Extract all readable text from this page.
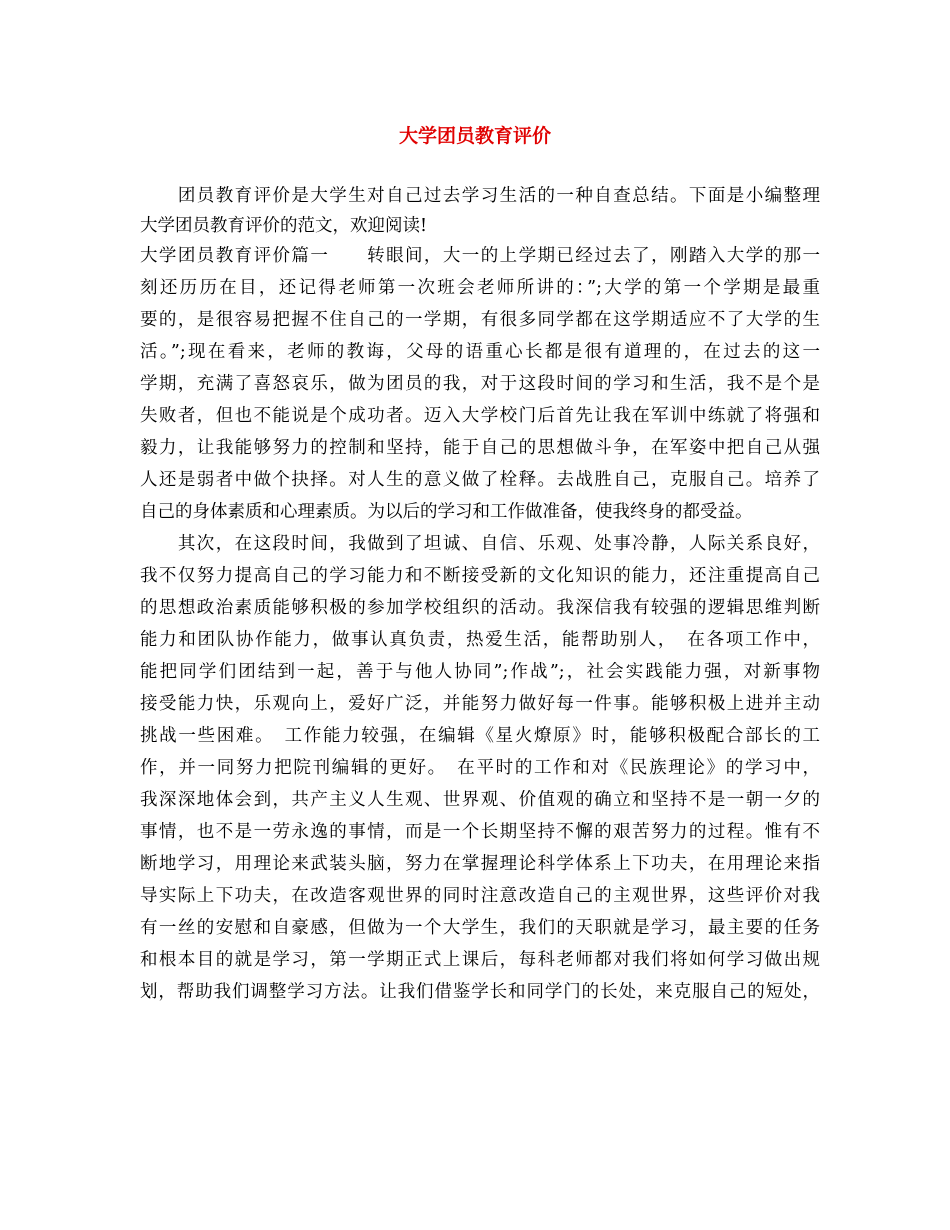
大学团员教育评价
　　团员教育评价是大学生对自己过去学习生活的一种自查总结。下面是小编整理
大学团员教育评价的范文，欢迎阅读!
大学团员教育评价篇一　　转眼间，大一的上学期已经过去了，刚踏入大学的那一
刻还历历在目，还记得老师第一次班会老师所讲的：”;大学的第一个学期是最重
要的，是很容易把握不住自己的一学期，有很多同学都在这学期适应不了大学的生
活。”;现在看来，老师的教诲，父母的语重心长都是很有道理的，在过去的这一
学期，充满了喜怒哀乐，做为团员的我，对于这段时间的学习和生活，我不是个是
失败者，但也不能说是个成功者。迈入大学校门后首先让我在军训中练就了将强和
毅力，让我能够努力的控制和坚持，能于自己的思想做斗争，在军姿中把自己从强
人还是弱者中做个抉择。对人生的意义做了栓释。去战胜自己，克服自己。培养了
自己的身体素质和心理素质。为以后的学习和工作做准备，使我终身的都受益。
　　其次，在这段时间，我做到了坦诚、自信、乐观、处事冷静，人际关系良好，
我不仅努力提高自己的学习能力和不断接受新的文化知识的能力，还注重提高自己
的思想政治素质能够积极的参加学校组织的活动。我深信我有较强的逻辑思维判断
能力和团队协作能力，做事认真负责，热爱生活，能帮助别人，　在各项工作中，
能把同学们团结到一起，善于与他人协同”;作战”;，社会实践能力强，对新事物
接受能力快，乐观向上，爱好广泛，并能努力做好每一件事。能够积极上进并主动
挑战一些困难。　工作能力较强，在编辑《星火燎原》时，能够积极配合部长的工
作，并一同努力把院刊编辑的更好。　在平时的工作和对《民族理论》的学习中，
我深深地体会到，共产主义人生观、世界观、价值观的确立和坚持不是一朝一夕的
事情，也不是一劳永逸的事情，而是一个长期坚持不懈的艰苦努力的过程。惟有不
断地学习，用理论来武装头脑，努力在掌握理论科学体系上下功夫，在用理论来指
导实际上下功夫，在改造客观世界的同时注意改造自己的主观世界，这些评价对我
有一丝的安慰和自豪感，但做为一个大学生，我们的天职就是学习，最主要的任务
和根本目的就是学习，第一学期正式上课后，每科老师都对我们将如何学习做出规
划，帮助我们调整学习方法。让我们借鉴学长和同学门的长处，来克服自己的短处，
